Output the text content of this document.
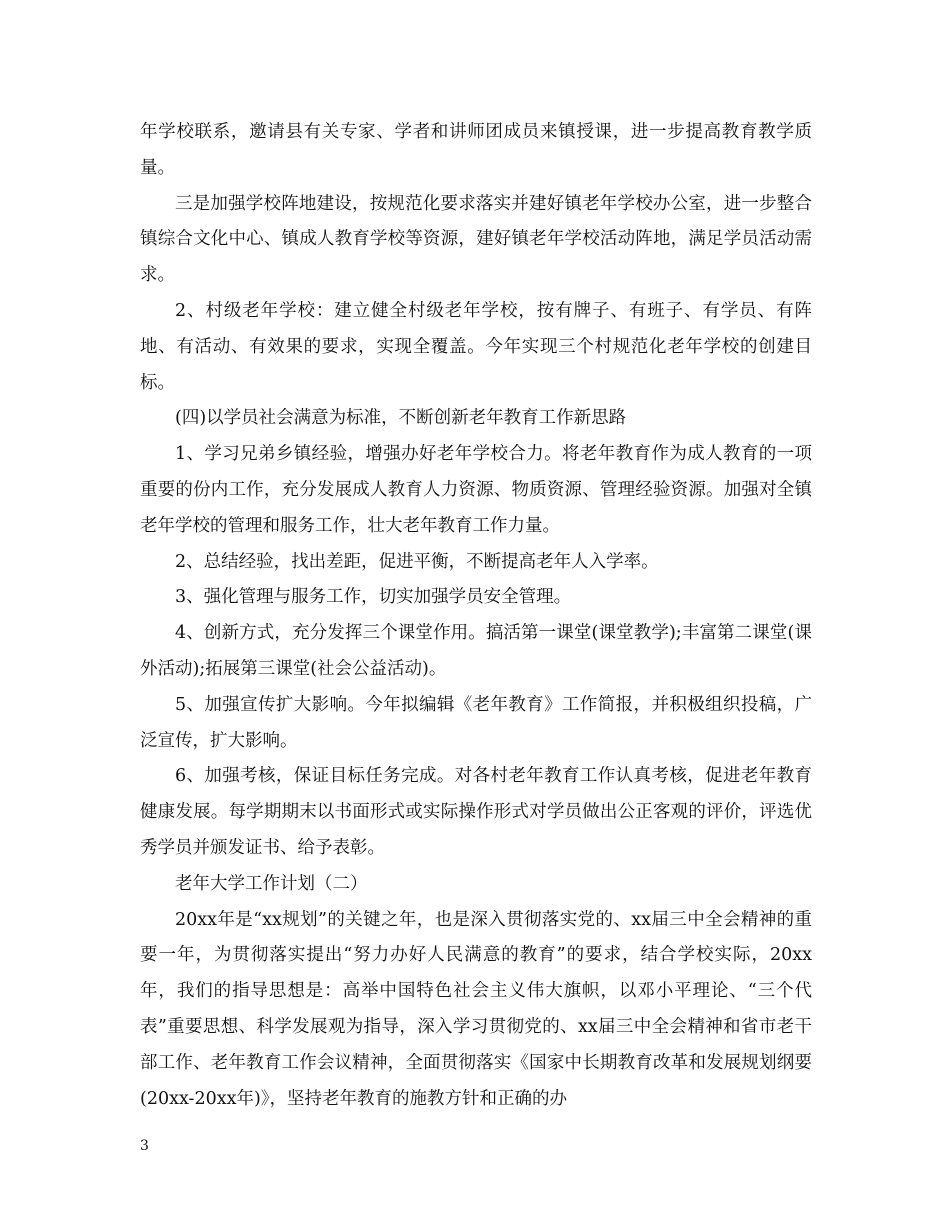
年学校联系，邀请县有关专家、学者和讲师团成员来镇授课，进一步提高教育教学质量。

三是加强学校阵地建设，按规范化要求落实并建好镇老年学校办公室，进一步整合镇综合文化中心、镇成人教育学校等资源，建好镇老年学校活动阵地，满足学员活动需求。

2、村级老年学校：建立健全村级老年学校，按有牌子、有班子、有学员、有阵地、有活动、有效果的要求，实现全覆盖。今年实现三个村规范化老年学校的创建目标。

(四)以学员社会满意为标准，不断创新老年教育工作新思路

1、学习兄弟乡镇经验，增强办好老年学校合力。将老年教育作为成人教育的一项重要的份内工作，充分发展成人教育人力资源、物质资源、管理经验资源。加强对全镇老年学校的管理和服务工作，壮大老年教育工作力量。

2、总结经验，找出差距，促进平衡，不断提高老年人入学率。

3、强化管理与服务工作，切实加强学员安全管理。

4、创新方式，充分发挥三个课堂作用。搞活第一课堂(课堂教学);丰富第二课堂(课外活动);拓展第三课堂(社会公益活动)。

5、加强宣传扩大影响。今年拟编辑《老年教育》工作简报，并积极组织投稿，广泛宣传，扩大影响。

6、加强考核，保证目标任务完成。对各村老年教育工作认真考核，促进老年教育健康发展。每学期期末以书面形式或实际操作形式对学员做出公正客观的评价，评选优秀学员并颁发证书、给予表彰。

老年大学工作计划（二）

20xx年是“xx规划”的关键之年，也是深入贯彻落实党的、xx届三中全会精神的重要一年，为贯彻落实提出“努力办好人民满意的教育”的要求，结合学校实际，20xx年，我们的指导思想是：高举中国特色社会主义伟大旗帜，以邓小平理论、“三个代表”重要思想、科学发展观为指导，深入学习贯彻党的、xx届三中全会精神和省市老干部工作、老年教育工作会议精神，全面贯彻落实《国家中长期教育改革和发展规划纲要(20xx-20xx年)》，坚持老年教育的施教方针和正确的办

3
